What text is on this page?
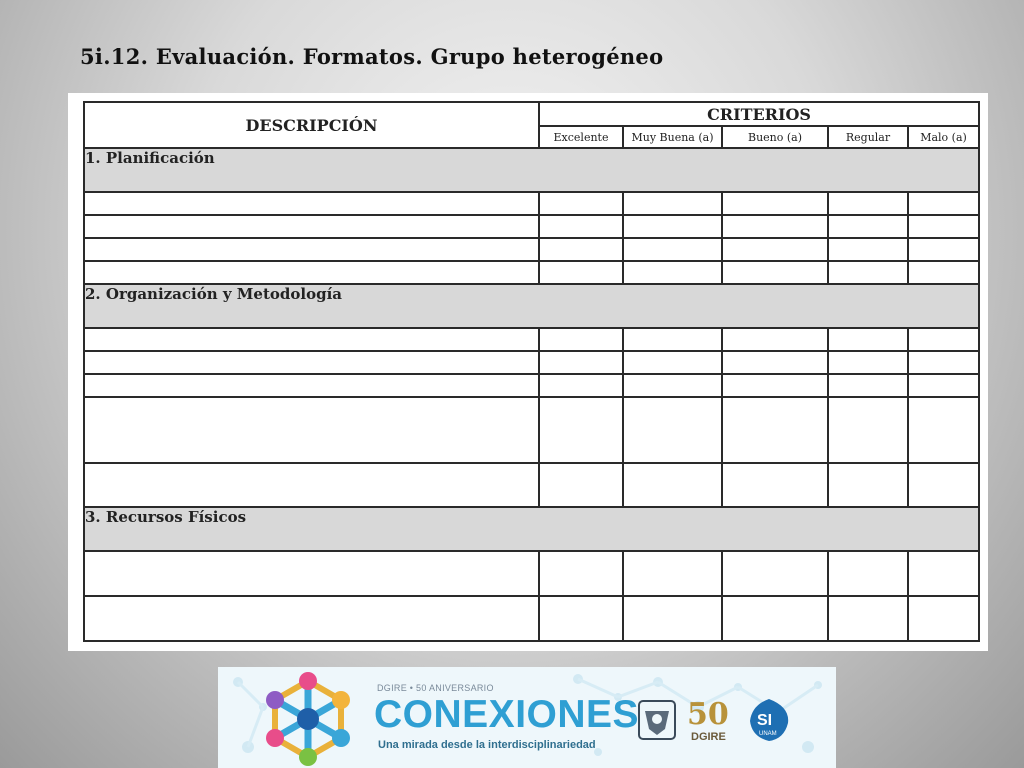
5i.12. Evaluación. Formatos. Grupo heterogéneo
DESCRIPCIÓN	CRITERIOS				
	Excelente	Muy Buena (a)	Bueno (a)	Regular	Malo (a)
1. Planificación					

2. Organización y Metodología					

3. Recursos Físicos					

DGIRE • 50 ANIVERSARIO
CONEXIONES
Una mirada desde la interdisciplinariedad
50
DGIRE
SI
UNAM
